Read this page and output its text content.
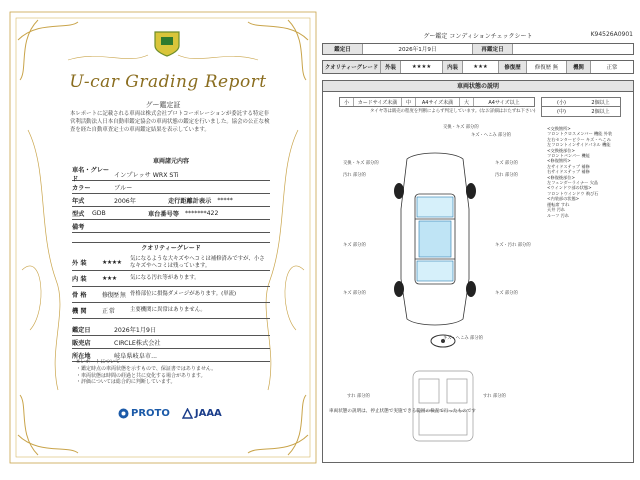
U-car Grading Report
グー鑑定証
本レポートに記載される車両は株式会社プロトコーポレーションが委託する特定非営利活動法人日本自動車鑑定協会の車両状態の鑑定を行いました。協会の公正な検査を経た自動車査定士の車両鑑定結果を表示しています。
車両諸元内容
車名・グレード
インプレッサ WRX STi
カラー	ブルー
年式	2006年	走行距離計表示 *****
型式	GDB	車台番号等 *******422
備考
クオリティーグレード
外 装	★★★★	気になるような大キズやヘコミは補修済みですが、小さなキズやヘコミは残っています。
内 装	★★★	気になる汚れ等があります。
骨 格	修復歴 無 骨格部位に損傷ダメージがあります。(単流)
機 関	正 常	主要機関に異常はありません。
鑑定日	2026年1月9日
販売店	CIRCLE株式会社
所在地	岐阜県岐阜市...
※レポートについて
・鑑定時点の車両状態を示すもので、保証書ではありません。
・車両状態は時間の経過と共に変化する場合があります。
・評価については総合的に判断しています。
PROTO	JAAA
グー鑑定 コンディションチェックシート	K94526A0901
鑑定日	2026年1月9日	再鑑定日
クオリティーグレード	外装	★★★★	内装	★★★	修復歴	修復歴 無	機関	正常
車両状態の説明
小	カードサイズ未満	中	A4サイズ未満	大	A4サイズ以上
タイヤ等は販売の程度を判断によらず判定しています。(なお詳細はおたずね下さい)
(小)	2個以上
(中)	2個以上
交換・キズ 部分的
キズ・へこみ 部分的
交換・キズ 部分的
汚れ 部分的
キズ 部分的
汚れ 部分的
キズ 部分的	キズ・汚れ 部分的
キズ 部分的	キズ 部分的
キズ・へこみ 部分的
すれ 部分的	すれ 部分的
<交換箇所>
フロントクロスメンバー 機能 外装
左右センターピラー キズ・へこみ
左フロントインサイドパネル 機能
<交換後部位>
フロントバンパー 機能
<修復箇所>
左サイドステップ 補修
右サイドステップ 補修
<修復後部位>
左フェンダーライナー 欠品
<ウインドウ部の状態>
フロントウインドウ 飛び石
<内装部の状態>
運転席 すれ
天井 汚れ
ルーフ 汚れ
車両状態の説明は、停止状態で実施できる範囲の検査で行ったものです
